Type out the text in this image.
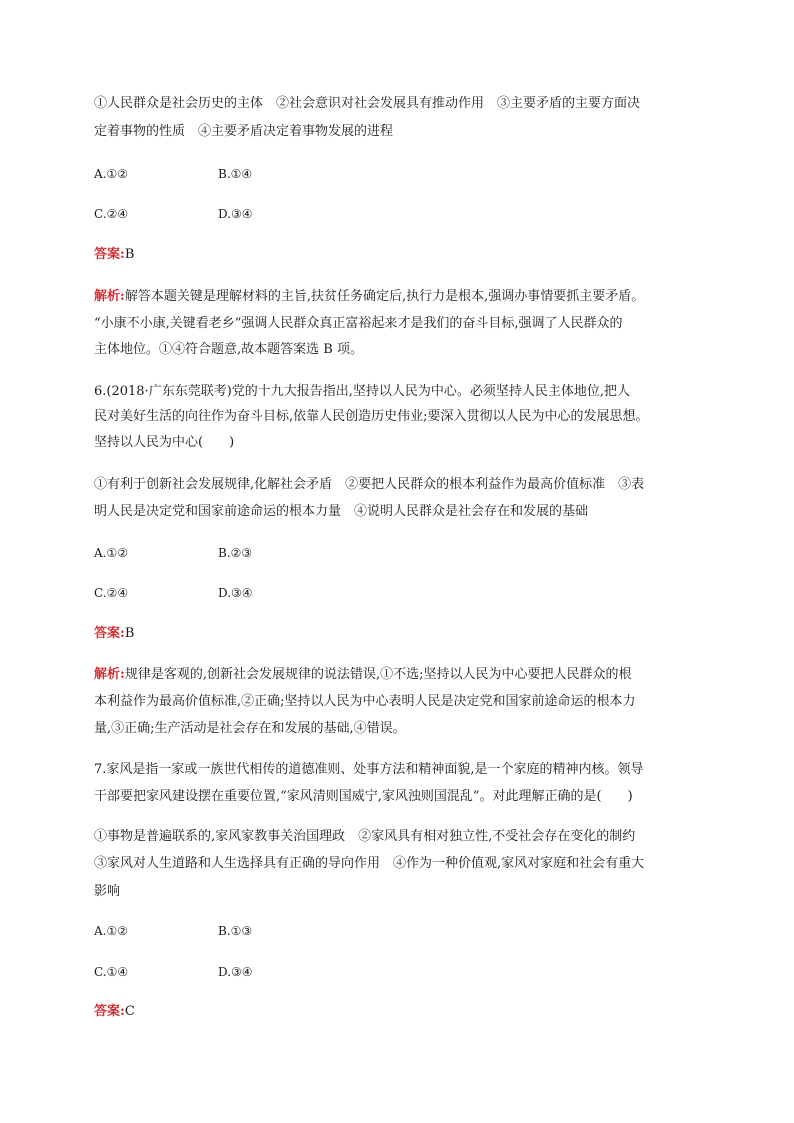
①人民群众是社会历史的主体　②社会意识对社会发展具有推动作用　③主要矛盾的主要方面决
定着事物的性质　④主要矛盾决定着事物发展的进程
A.①②	B.①④
C.②④	D.③④
答案:B
解析:解答本题关键是理解材料的主旨,扶贫任务确定后,执行力是根本,强调办事情要抓主要矛盾。
“小康不小康,关键看老乡”强调人民群众真正富裕起来才是我们的奋斗目标,强调了人民群众的
主体地位。①④符合题意,故本题答案选 B 项。
6.(2018·广东东莞联考)党的十九大报告指出,坚持以人民为中心。必须坚持人民主体地位,把人
民对美好生活的向往作为奋斗目标,依靠人民创造历史伟业;要深入贯彻以人民为中心的发展思想。
坚持以人民为中心(　　)
①有利于创新社会发展规律,化解社会矛盾　②要把人民群众的根本利益作为最高价值标准　③表
明人民是决定党和国家前途命运的根本力量　④说明人民群众是社会存在和发展的基础
A.①②	B.②③
C.②④	D.③④
答案:B
解析:规律是客观的,创新社会发展规律的说法错误,①不选;坚持以人民为中心要把人民群众的根
本利益作为最高价值标准,②正确;坚持以人民为中心表明人民是决定党和国家前途命运的根本力
量,③正确;生产活动是社会存在和发展的基础,④错误。
7.家风是指一家或一族世代相传的道德准则、处事方法和精神面貌,是一个家庭的精神内核。领导
干部要把家风建设摆在重要位置,“家风清则国威宁,家风浊则国混乱”。对此理解正确的是(　　)
①事物是普遍联系的,家风家教事关治国理政　②家风具有相对独立性,不受社会存在变化的制约
③家风对人生道路和人生选择具有正确的导向作用　④作为一种价值观,家风对家庭和社会有重大
影响
A.①②	B.①③
C.①④	D.③④
答案:C
